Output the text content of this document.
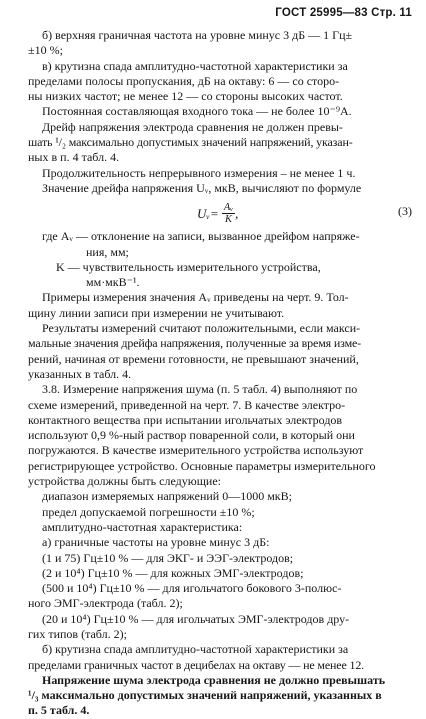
ГОСТ 25995—83 Стр. 11

б) верхняя граничная частота на уровне минус 3 дБ — 1 Гц±

±10 %;

в) крутизна спада амплитудно-частотной характеристики за

пределами полосы пропускания, дБ на октаву: 6 — со сторо-

ны низких частот; не менее 12 — со стороны высоких частот.

Постоянная составляющая входного тока — не более 10⁻⁹А.

Дрейф напряжения электрода сравнения не должен превы-

шать ¹/₂ максимально допустимых значений напряжений, указан-

ных в п. 4 табл. 4.

Продолжительность непрерывного измерения – не менее 1 ч.

Значение дрейфа напряжения Uᵥ, мкВ, вычисляют по формуле

Uᵥ= $\frac{\text{Aᵥ}}{K}$ ,	(3)

где Aᵥ — отклонение на записи, вызванное дрейфом напряже-

ния, мм;

K — чувствительность измерительного устройства,

мм·мкВ⁻¹.

Примеры измерения значения Aᵥ приведены на черт. 9. Тол-

щину линии записи при измерении не учитывают.

Результаты измерений считают положительными, если макси-

мальные значения дрейфа напряжения, полученные за время изме-

рений, начиная от времени готовности, не превышают значений,

указанных в табл. 4.

3.8. Измерение напряжения шума (п. 5 табл. 4) выполняют по

схеме измерений, приведенной на черт. 7. В качестве электро-

контактного вещества при испытании игольчатых электродов

используют 0,9 %-ный раствор поваренной соли, в который они

погружаются. В качестве измерительного устройства используют

регистрирующее устройство. Основные параметры измерительного

устройства должны быть следующие:

диапазон измеряемых напряжений 0—1000 мкВ;

предел допускаемой погрешности ±10 %;

амплитудно-частотная характеристика:

а) граничные частоты на уровне минус 3 дБ:

(1 и 75) Гц±10 % — для ЭКГ- и ЭЭГ-электродов;

(2 и 10⁴) Гц±10 % — для кожных ЭМГ-электродов;

(500 и 10⁴) Гц±10 % — для игольчатого бокового 3-полюс-

ного ЭМГ-электрода (табл. 2);

(20 и 10⁴) Гц±10 % — для игольчатых ЭМГ-электродов дру-

гих типов (табл. 2);

б) крутизна спада амплитудно-частотной характеристики за

пределами граничных частот в децибелах на октаву — не менее 12.

Напряжение шума электрода сравнения не должно превышать

¹/₃ максимально допустимых значений напряжений, указанных в

п. 5 табл. 4.
